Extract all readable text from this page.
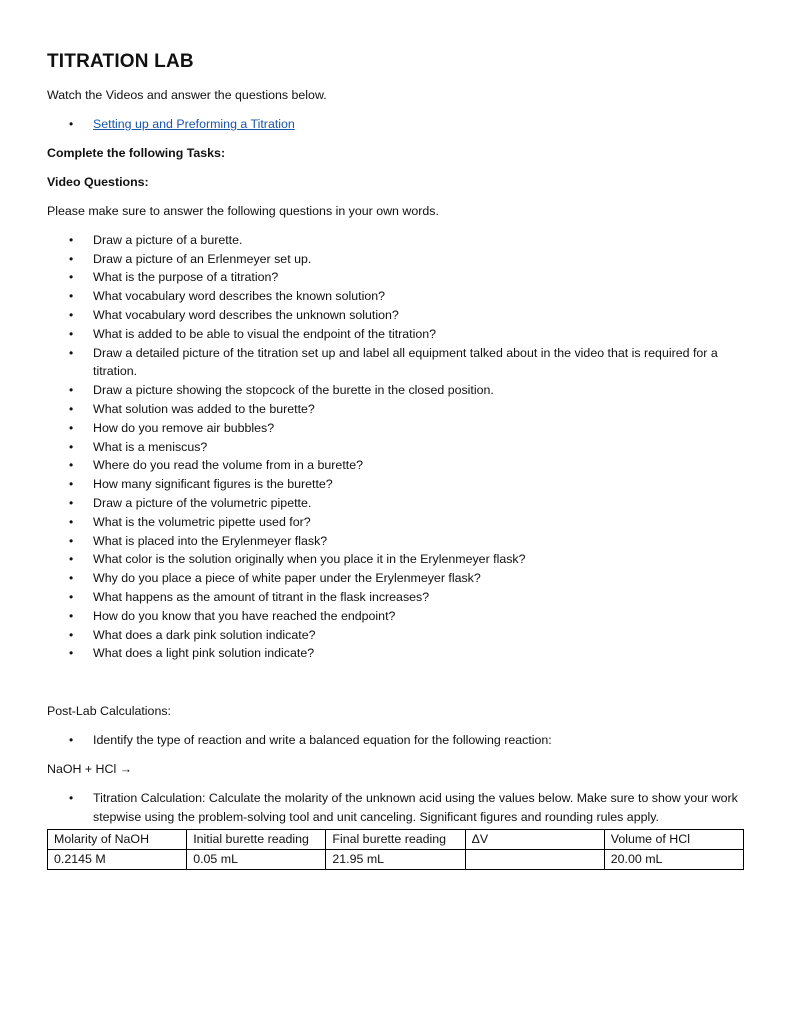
TITRATION LAB

Watch the Videos and answer the questions below.

• Setting up and Preforming a Titration

Complete the following Tasks:

Video Questions:

Please make sure to answer the following questions in your own words.

• Draw a picture of a burette.
• Draw a picture of an Erlenmeyer set up.
• What is the purpose of a titration?
• What vocabulary word describes the known solution?
• What vocabulary word describes the unknown solution?
• What is added to be able to visual the endpoint of the titration?
• Draw a detailed picture of the titration set up and label all equipment talked about in the video that is required for a titration.
• Draw a picture showing the stopcock of the burette in the closed position.
• What solution was added to the burette?
• How do you remove air bubbles?
• What is a meniscus?
• Where do you read the volume from in a burette?
• How many significant figures is the burette?
• Draw a picture of the volumetric pipette.
• What is the volumetric pipette used for?
• What is placed into the Erylenmeyer flask?
• What color is the solution originally when you place it in the Erylenmeyer flask?
• Why do you place a piece of white paper under the Erylenmeyer flask?
• What happens as the amount of titrant in the flask increases?
• How do you know that you have reached the endpoint?
• What does a dark pink solution indicate?
• What does a light pink solution indicate?

Post-Lab Calculations:

• Identify the type of reaction and write a balanced equation for the following reaction:

NaOH + HCl →

• Titration Calculation: Calculate the molarity of the unknown acid using the values below. Make sure to show your work stepwise using the problem-solving tool and unit canceling. Significant figures and rounding rules apply.
Molarity of NaOH	Initial burette reading	Final burette reading	ΔV	Volume of HCl
0.2145 M	0.05 mL	21.95 mL		20.00 mL
